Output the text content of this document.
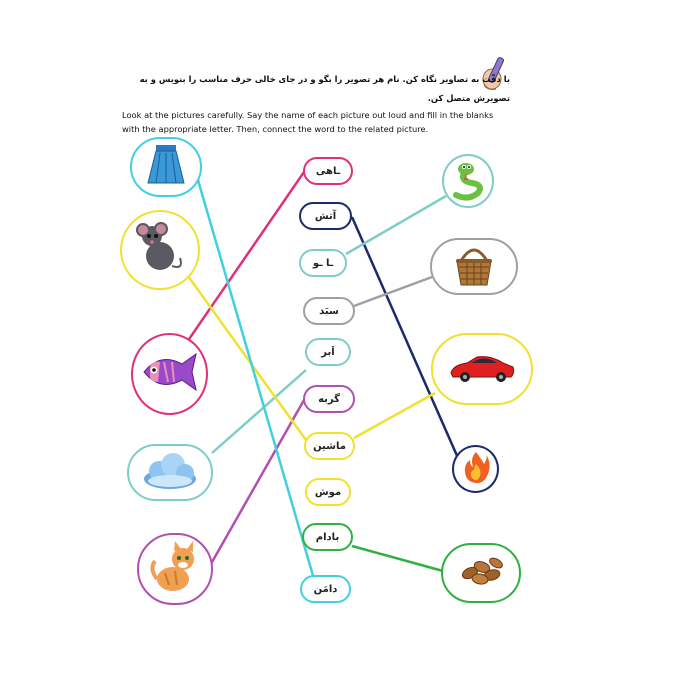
با دقّت به تصاویر نگاه کن. نام هر تصویر را بگو و در جای خالی حرف مناسب را بنویس و به تصویرش متصل کن.
Look at the pictures carefully. Say the name of each picture out loud and fill in the blanks with the appropriate letter. Then, connect the word to the related picture.
ـاهی
آتش
ـا ـو
سبَد
اَبر
گربه
ماشین
موش
بادام
دامَن
